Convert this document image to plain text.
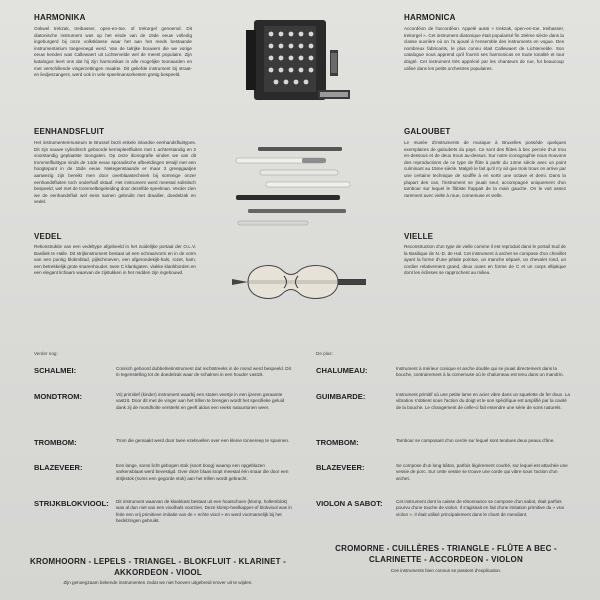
HARMONIKA
Ookwel trekzak, treibasser, open-en-toe, of trekorgel genoemd. Dit diatonische instrument was op het einde van de 19de eeuw volledig ingeburgerd bij onze volksklasse waar het aan het reeds bestaande instrumentarium toegevoegd werd. Van de talrijke bouwers die we vorige eeuw kenden was Callewaert uit Lichtervelde wel de meest populaire. Zijn katalogus leert ons dat hij zijn harmonikas in alle mogelijke toonaarden en met verschillende vingerzettingen maakte. Dit geliefde instrument bij straat- en liedjeszangers, werd ook in vele speelmansorkesten gretig bespeeld.
HARMONICA
Accordéon de l'accordéon. Appelé aussi « trekzak, open-en-toe, treibasser, trekorgel ». Cet instrument diatonique était popularisé fin 19ème siècle dans la classe ouvrière où on l'a ajouté à l'ensemble des instruments en vogue. Des nombreux fabricants, le plus connu était Callewaert de Lichtervelde. Son catalogue nous apprend qu'il fournit ses harmonicas en toute tonalité et tout doigté. Cet instrument très apprécié par les chanteurs de rue, fut beaucoup utilisé dans les petits orchestres populaires.
EENHANDSFLUIT
Het instrumentenmuseum te Brussel bezit enkele inlandse eenhandsfluittypes. Dit zijn nauwe cylindrisch geboorde kernspleetfluiten met 1 achterstandig en 2 voorstandig geplaatste toongaten. Op onze ikonografie vinden we van dit trommelfluittype sinds de 14de eeuw sporadische afbeeldingen terwijl met een hoogtepunt in de 15de eeuw. Nietegenstaande er maar 3 greepgaatjes aanwezig zijn bereikt men door overblaastechniek bij sommige onzer eenhandsfluiten toch onderhalf oktaaf. Het instrument werd meestal solistisch bespeeld, wel met de trommelbegeleiding door dezelfde speelman. Verder zien we de eenhandsfluit wel eens samen gebruikt met draailier, doedelzak en vedel.
GALOUBET
Le musée d'instruments de musique à Bruxelles possède quelques exemplaires de galoubets du pays. Ce sont des flûtes à bec percée d'un trou en-dessous et de deux trous au-dessus. Sur notre iconographie nous trouvons des reproductions de ce type de flûte à partir du 14me siècle avec un point culminant au 15me siècle. Malgré le fait qu'il n'y ait que trois trous on arrive par une certaine technique de souffle à en sortir une octave et demi. Dans la plupart des cas, l'instrument se jouait seul, accompagné uniquement d'un tambour sur lequel le flûtiste frappait de la main gauche. On le voit assez rarement avec vielle à roue, cornemuse et vielle.
VEDEL
Rekonstruktie van een vedeltype afgebeeld in het zuidelijke portaal der O.L.V. Basiliek te Halle. Dit strijkinstrument bestaat uit een schraarvorm en in de vorm van een puntig blokmblad, pijlschroeven, een afgerondekijk-hals, rozet, kam, een betrekkelijk grote snarenhouder, twee C klankgaten, vlakke klankborden en een elegant lichaam waarvan de zijstukken in het midden zijn ingebouwd.
VIELLE
Reconstruction d'un type de vielle comme il est reproduit dans le portail Sud de la Basilique de N.-D. de Hal. Cet instrument à archet se compose d'un chevillet ayant la forme d'une pétale pointue, un manche séparé, un chevalet rond, un cordier relativement grand, deux ouïes en forme de C et un corps elliptique dont les éclisses se rapprochent au milieu.
Verder nog:
SCHALMEI:	Conisch geboord dubbelrietinstrument dat rechtstreeks in de mond werd bespeeld. Dit in tegenstelling tot de doedelzak waar de schalmei in een houder vastzit.
MONDTROM:	Vrij primitief (kinder) instrument waarbij een staten veertje in een ijzeren geraamte vastzit. Door dit met de vinger aan het trillen te brengen wordt het specifieke geluid dank zij de mondholte versterkt en geeft aldus een reeks natuurtonen weer.
TROMBOM:	Trom die gemaakt werd door twee ezelsvellen over een kleine tonnereep te spannen.
BLAZEVEER:	Een lange, soms licht gebogen stok (soort boog) waarop een opgeblazen varkensblaas werd bevestigd. Over deze blaas loopt meestal één snaar die door een strijkstok (soms een gegorde stok) aan het trillen wordt gebracht.
STRIJKBLOKVIOOL: Dit instrument waarvan de klankkast bestaat uit een houtschoen (klomp, hollemblok) was al dan niet van een vioolhals voorzien. Deze klomp-heelkapper-of blokviool was in feite een vrij primitieve imitatie van de « echte viool » en werd voornamelijk bij het bedelzingen gebruikt.
KROMHOORN - LEPELS - TRIANGEL - BLOKFLUIT - KLARINET - AKKORDEON - VIOOL
Zijn genoegzaam bekende instrumenten zodat we niet hoeven uitgebreid erover uit te wijden.
De plus:
CHALUMEAU:	Instrument à mérieur conique et anche double qui se jouait directement dans la bouche, contrairement à la cornemuse où le chalumeau est tenu dans un mandrin.
GUIMBARDE:	Instrument primitif où une petite lame en acier vibre dans un squelette de fer doux. La vibration s'obtient sous l'action du doigt et le son spécifique est amplifié par la cavité de la bouche. Le changement de celle-ci fait entendre une série de sons naturels.
TROMBOM:	Tambour se composant d'un cercle sur lequel sont tendues deux peaux d'âne.
BLAZEVEER:	Se compose d'un long bâton, parfois légèrement courbé, sur lequel est attachée une vessie de porc. Sur cette vessie se trouve une corde qui vibre sous l'action d'un archet.
VIOLON A SABOT:	Cet instrument dont la caisse de résonnance se compose d'un sabot, était parfois pourvu d'une touche de violon. Il s'agissait en fait d'une imitation primitive du « vrai violon ». Il était utilisé principalement dans le chant de mendiant.
CROMORNE - CUILLÈRES - TRIANGLE - FLÛTE A BEC - CLARINETTE - ACCORDEON - VIOLON
Ces instruments bien connus se passent d'explication.
